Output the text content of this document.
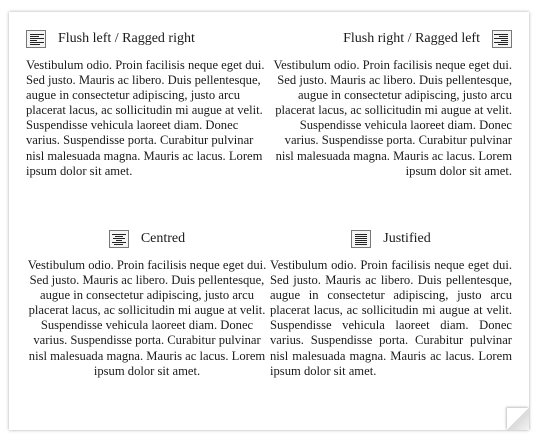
Flush left / Ragged right
Vestibulum odio. Proin facilisis neque eget dui. Sed justo. Mauris ac libero. Duis pellentesque, augue in consectetur adipiscing, justo arcu placerat lacus, ac sollicitudin mi augue at velit. Suspendisse vehicula laoreet diam. Donec varius. Suspendisse porta. Curabitur pulvinar nisl malesuada magna. Mauris ac lacus. Lorem ipsum dolor sit amet.
Flush right / Ragged left
Vestibulum odio. Proin facilisis neque eget dui. Sed justo. Mauris ac libero. Duis pellentesque, augue in consectetur adipiscing, justo arcu placerat lacus, ac sollicitudin mi augue at velit. Suspendisse vehicula laoreet diam. Donec varius. Suspendisse porta. Curabitur pulvinar nisl malesuada magna. Mauris ac lacus. Lorem ipsum dolor sit amet.
Centred
Vestibulum odio. Proin facilisis neque eget dui. Sed justo. Mauris ac libero. Duis pellentesque, augue in consectetur adipiscing, justo arcu placerat lacus, ac sollicitudin mi augue at velit. Suspendisse vehicula laoreet diam. Donec varius. Suspendisse porta. Curabitur pulvinar nisl malesuada magna. Mauris ac lacus. Lorem ipsum dolor sit amet.
Justified
Vestibulum odio. Proin facilisis neque eget dui. Sed justo. Mauris ac libero. Duis pellentesque, augue in consectetur adipiscing, justo arcu placerat lacus, ac sollicitudin mi augue at velit. Suspendisse vehicula laoreet diam. Donec varius. Suspendisse porta. Curabitur pulvinar nisl malesuada magna. Mauris ac lacus. Lorem ipsum dolor sit amet.
